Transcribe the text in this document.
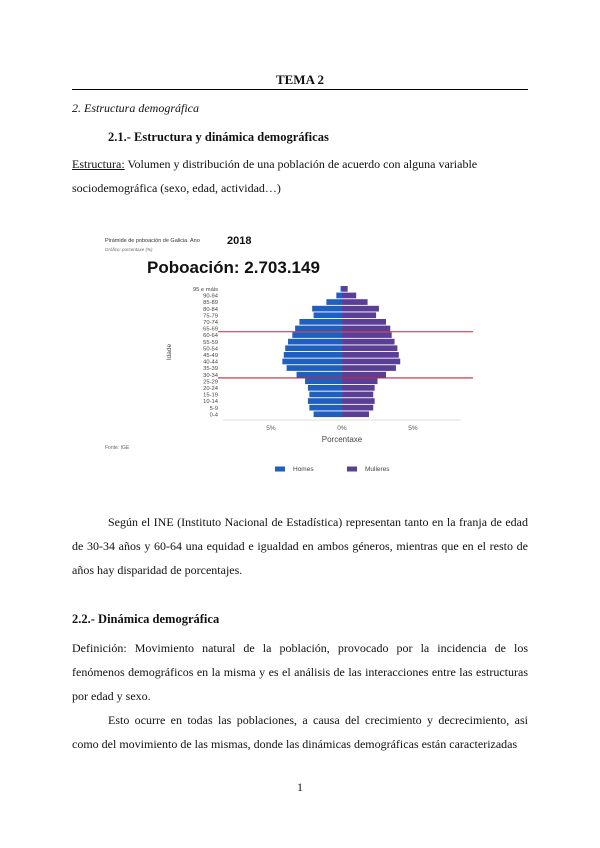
TEMA 2
2. Estructura demográfica
2.1.- Estructura y dinámica demográficas
Estructura: Volumen y distribución de una población de acuerdo con alguna variable sociodemográfica (sexo, edad, actividad…)
Pirámide de poboación de Galicia. Ano 2018
Gráfico: porcentaxe (%)
Poboación: 2.703.149
95 e máis
90-94
85-89
80-84
75-79
70-74
65-69
60-64
55-59
50-54
45-49
40-44
35-39
30-34
25-29
20-24
15-19
10-14
5-9
0-4
Idade
5%	0%	5%
Porcentaxe
Fonte: IGE
Homes	Mulleres
Según el INE (Instituto Nacional de Estadística) representan tanto en la franja de edad de 30-34 años y 60-64 una equidad e igualdad en ambos géneros, mientras que en el resto de años hay disparidad de porcentajes.
2.2.- Dinámica demográfica
Definición: Movimiento natural de la población, provocado por la incidencia de los fenómenos demográficos en la misma y es el análisis de las interacciones entre las estructuras por edad y sexo.
Esto ocurre en todas las poblaciones, a causa del crecimiento y decrecimiento, asi como del movimiento de las mismas, donde las dinámicas demográficas están caracterizadas
1
